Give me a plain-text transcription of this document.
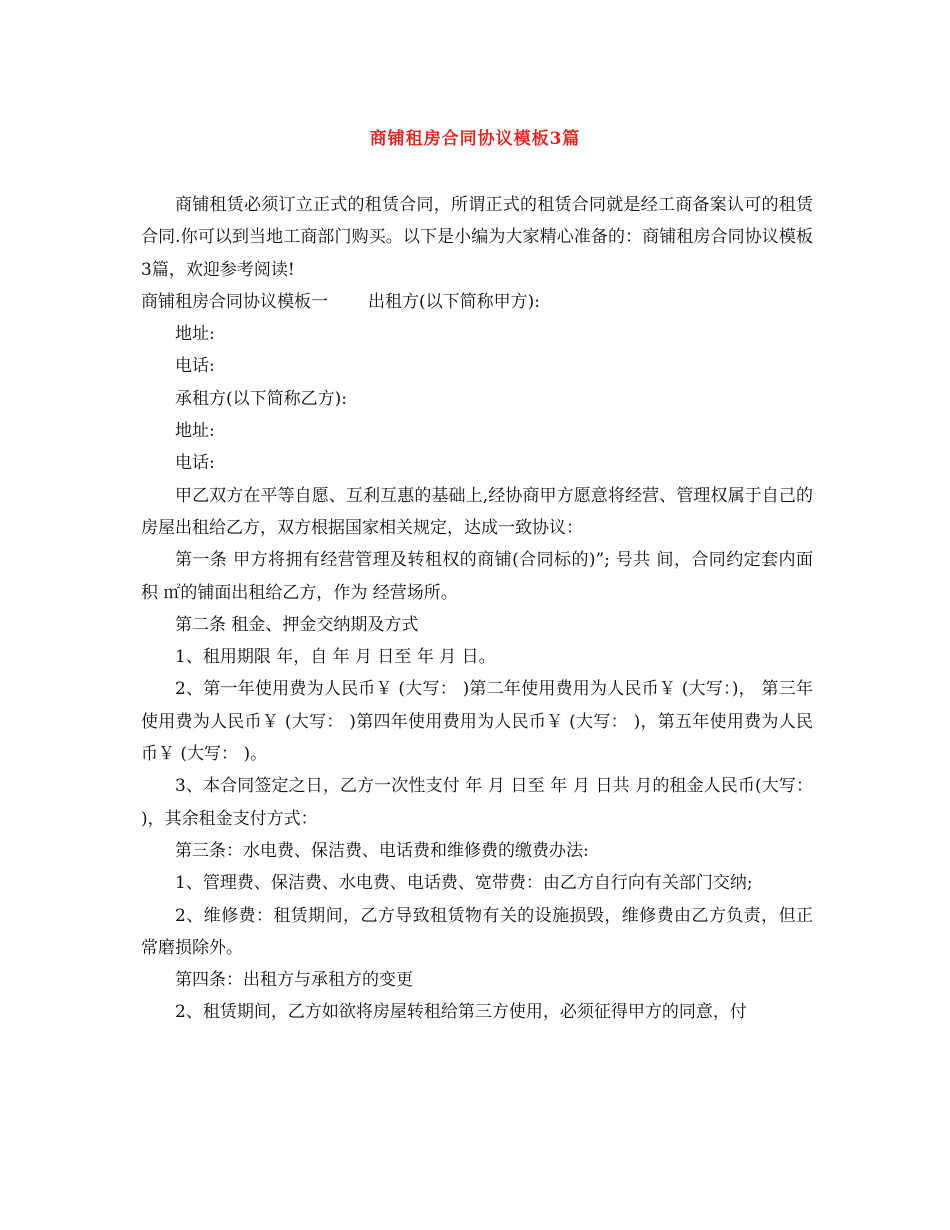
商铺租房合同协议模板3篇

商铺租赁必须订立正式的租赁合同，所谓正式的租赁合同就是经工商备案认可的租赁合同.你可以到当地工商部门购买。以下是小编为大家精心准备的：商铺租房合同协议模板3篇，欢迎参考阅读!

商铺租房合同协议模板一 出租方(以下简称甲方):

地址:

电话:

承租方(以下简称乙方):

地址:

电话:

甲乙双方在平等自愿、互利互惠的基础上,经协商甲方愿意将经营、管理权属于自己的房屋出租给乙方，双方根据国家相关规定，达成一致协议：

第一条 甲方将拥有经营管理及转租权的商铺(合同标的)”; 号共 间，合同约定套内面积 ㎡的铺面出租给乙方，作为 经营场所。

第二条 租金、押金交纳期及方式

1、租用期限 年，自 年 月 日至 年 月 日。

2、第一年使用费为人民币￥ (大写： )第二年使用费用为人民币￥ (大写：)， 第三年使用费为人民币￥ (大写： )第四年使用费用为人民币￥ (大写： )，第五年使用费为人民币￥ (大写： )。

3、本合同签定之日，乙方一次性支付 年 月 日至 年 月 日共 月的租金人民币(大写： )，其余租金支付方式：

第三条：水电费、保洁费、电话费和维修费的缴费办法:

1、管理费、保洁费、水电费、电话费、宽带费：由乙方自行向有关部门交纳;

2、维修费：租赁期间，乙方导致租赁物有关的设施损毁，维修费由乙方负责，但正常磨损除外。

第四条：出租方与承租方的变更

2、租赁期间，乙方如欲将房屋转租给第三方使用，必须征得甲方的同意，付
